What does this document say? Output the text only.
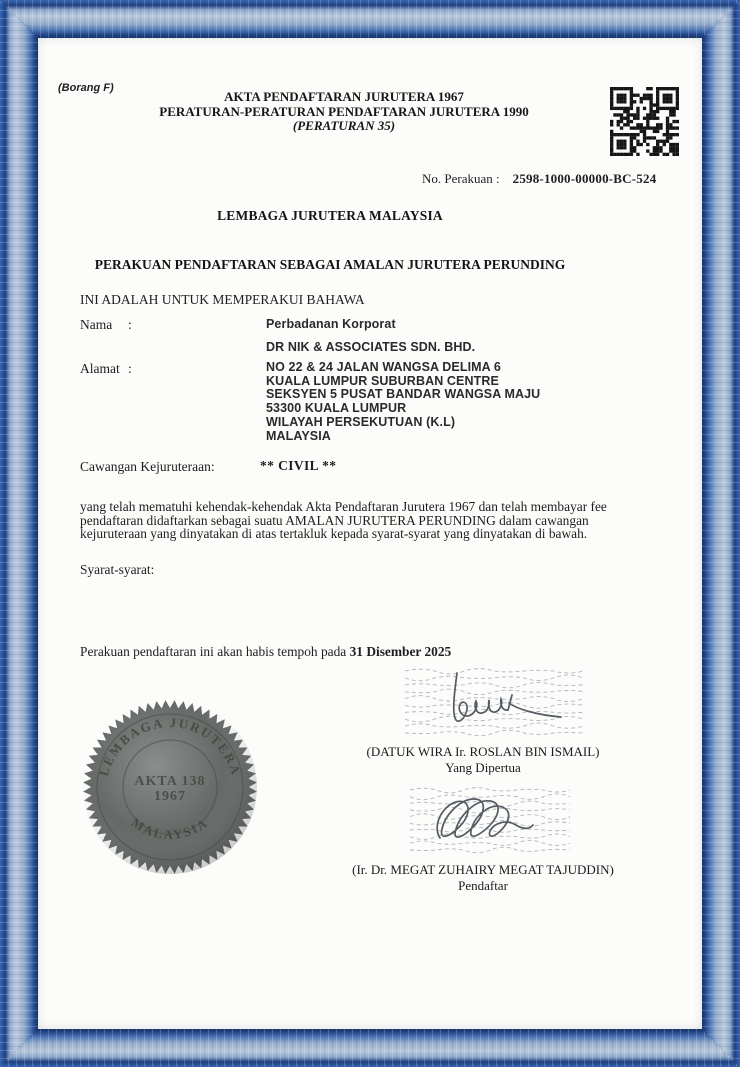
(Borang F)
AKTA PENDAFTARAN JURUTERA 1967
PERATURAN-PERATURAN PENDAFTARAN JURUTERA 1990
(PERATURAN 35)
No. Perakuan : 2598-1000-00000-BC-524
LEMBAGA JURUTERA MALAYSIA
PERAKUAN PENDAFTARAN SEBAGAI AMALAN JURUTERA PERUNDING
INI ADALAH UNTUK MEMPERAKUI BAHAWA
Nama :	Perbadanan Korporat
DR NIK & ASSOCIATES SDN. BHD.
Alamat :	NO 22 & 24 JALAN WANGSA DELIMA 6
KUALA LUMPUR SUBURBAN CENTRE
SEKSYEN 5 PUSAT BANDAR WANGSA MAJU
53300 KUALA LUMPUR
WILAYAH PERSEKUTUAN (K.L)
MALAYSIA
Cawangan Kejuruteraan:	** CIVIL **
yang telah mematuhi kehendak-kehendak Akta Pendaftaran Jurutera 1967 dan telah membayar fee pendaftaran didaftarkan sebagai suatu AMALAN JURUTERA PERUNDING dalam cawangan kejuruteraan yang dinyatakan di atas tertakluk kepada syarat-syarat yang dinyatakan di bawah.
Syarat-syarat:
Perakuan pendaftaran ini akan habis tempoh pada 31 Disember 2025
(DATUK WIRA Ir. ROSLAN BIN ISMAIL)
Yang Dipertua
LEMBAGA JURUTERA
MALAYSIA
AKTA 138
1967
(Ir. Dr. MEGAT ZUHAIRY MEGAT TAJUDDIN)
Pendaftar
